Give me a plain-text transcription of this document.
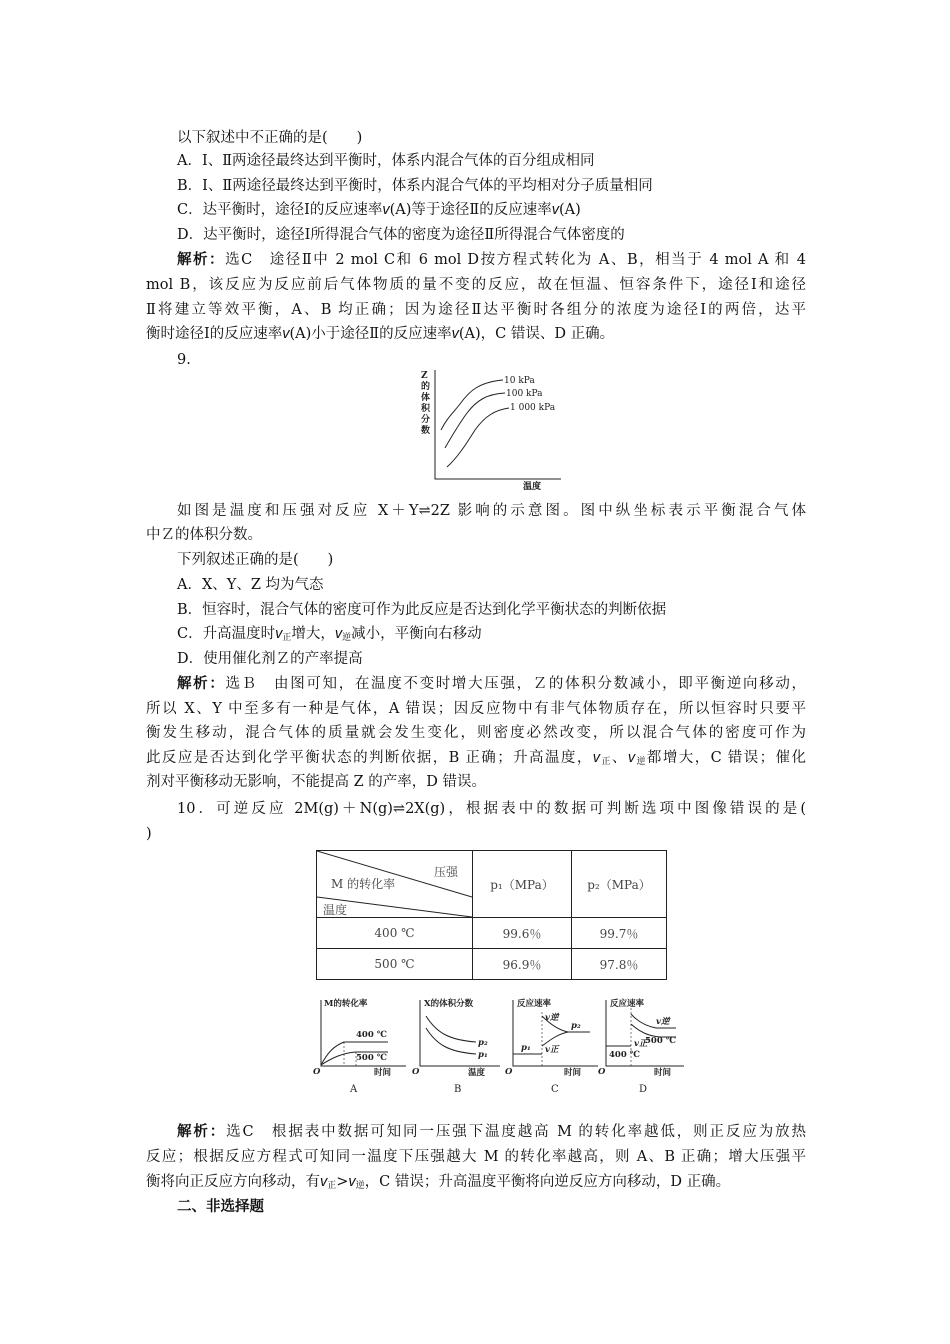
以下叙述中不正确的是(　　)
A．Ⅰ、Ⅱ两途径最终达到平衡时，体系内混合气体的百分组成相同
B．Ⅰ、Ⅱ两途径最终达到平衡时，体系内混合气体的平均相对分子质量相同
C．达平衡时，途径Ⅰ的反应速率v(A)等于途径Ⅱ的反应速率v(A)
D．达平衡时，途径Ⅰ所得混合气体的密度为途径Ⅱ所得混合气体密度的
解析：选C　途径Ⅱ中 2 mol C和 6 mol D按方程式转化为 A、B，相当于 4 mol A 和 4
mol B，该反应为反应前后气体物质的量不变的反应，故在恒温、恒容条件下，途径Ⅰ和途径
Ⅱ将建立等效平衡，A、B 均正确；因为途径Ⅱ达平衡时各组分的浓度为途径Ⅰ的两倍，达平
衡时途径Ⅰ的反应速率v(A)小于途径Ⅱ的反应速率v(A)，C 错误、D 正确。
9.
Z
的
体
积
分
数
温度
10 kPa
100 kPa
1 000 kPa
如图是温度和压强对反应 X＋Y⇌2Z 影响的示意图。图中纵坐标表示平衡混合气体
中Ｚ的体积分数。
下列叙述正确的是(　　)
A．X、Y、Z 均为气态
B．恒容时，混合气体的密度可作为此反应是否达到化学平衡状态的判断依据
C．升高温度时$v_正$增大，$v_逆$减小，平衡向右移动
D．使用催化剂Ｚ的产率提高
解析：选Ｂ　由图可知，在温度不变时增大压强，Ｚ的体积分数减小，即平衡逆向移动，
所以 X、Y 中至多有一种是气体，A 错误；因反应物中有非气体物质存在，所以恒容时只要平
衡发生移动，混合气体的质量就会发生变化，则密度必然改变，所以混合气体的密度可作为
此反应是否达到化学平衡状态的判断依据，B 正确；升高温度，$v_正$、$v_逆$都增大，C 错误；催化
剂对平衡移动无影响，不能提高 Z 的产率，D 错误。
10．可逆反应 2M(g)＋N(g)⇌2X(g)，根据表中的数据可判断选项中图像错误的是(
)
压强
M 的转化率
温度	p₁（MPa）	p₂（MPa）
400 ℃	99.6％	99.7％
500 ℃	96.9％	97.8％
M的转化率
400 ℃
500 ℃
O	时间
A
X的体积分数
p₂
p₁
O	温度
B
反应速率
v逆
v正
p₁
p₂
O	时间
C
反应速率
v逆
v正
400 ℃
500 ℃
O	时间
D
解析：选C　根据表中数据可知同一压强下温度越高 M 的转化率越低，则正反应为放热
反应；根据反应方程式可知同一温度下压强越大 M 的转化率越高，则 A、B 正确；增大压强平
衡将向正反应方向移动，有$v_正>v_逆$，C 错误；升高温度平衡将向逆反应方向移动，D 正确。
二、非选择题
